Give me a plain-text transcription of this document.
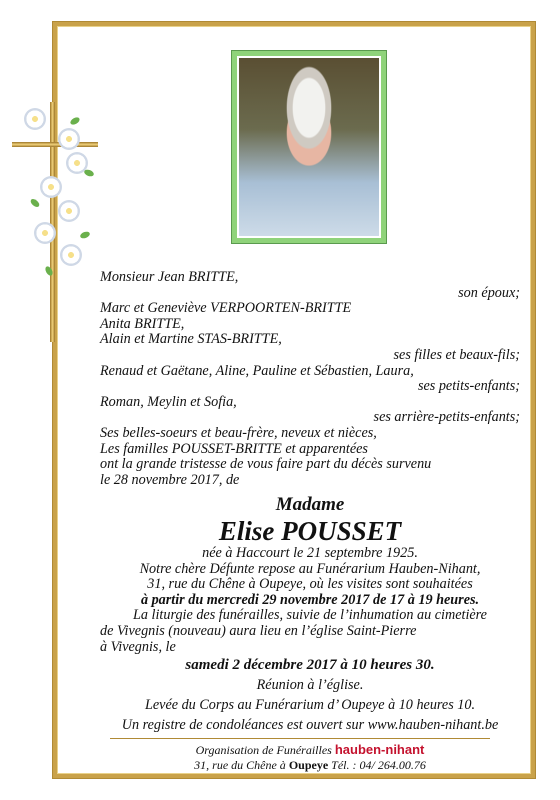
Monsieur Jean BRITTE,
son époux;
Marc et Geneviève VERPOORTEN-BRITTE
Anita BRITTE,
Alain et Martine STAS-BRITTE,
ses filles et beaux-fils;
Renaud et Gaëtane, Aline, Pauline et Sébastien, Laura,
ses petits-enfants;
Roman, Meylin et Sofia,
ses arrière-petits-enfants;
Ses belles-soeurs et beau-frère, neveux et nièces,
Les familles POUSSET-BRITTE et apparentées
ont la grande tristesse de vous faire part du décès survenu
le 28 novembre 2017, de
Madame
Elise POUSSET
née à Haccourt le 21 septembre 1925.
Notre chère Défunte repose au Funérarium Hauben-Nihant,
31, rue du Chêne à Oupeye, où les visites sont souhaitées
à partir du mercredi 29 novembre 2017 de 17 à 19 heures.
La liturgie des funérailles, suivie de l’inhumation au cimetière
de Vivegnis (nouveau) aura lieu en l’église Saint-Pierre
à Vivegnis, le
samedi 2 décembre 2017 à 10 heures 30.
Réunion à l’église.
Levée du Corps au Funérarium d’ Oupeye à 10 heures 10.
Un registre de condoléances est ouvert sur www.hauben-nihant.be
Organisation de Funérailles hauben-nihant
31, rue du Chêne à Oupeye Tél. : 04/ 264.00.76
